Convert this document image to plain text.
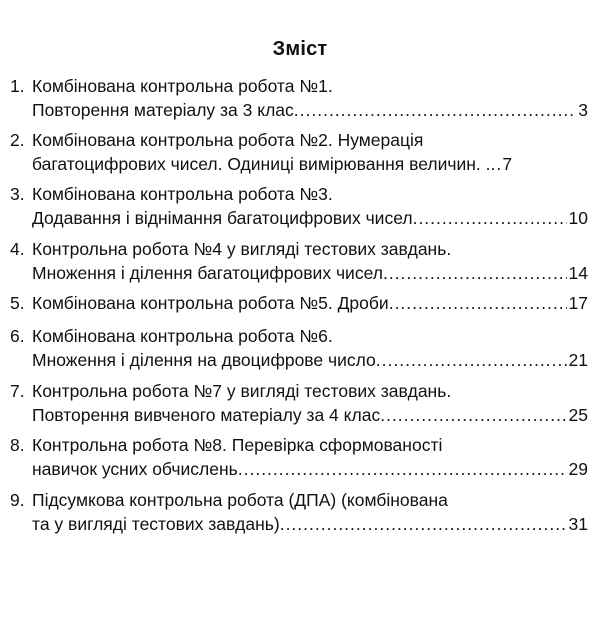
Зміст
1. Комбінована контрольна робота №1.
Повторення матеріалу за 3 клас. .....	3
2. Комбінована контрольна робота №2. Нумерація
багатоцифрових чисел. Одиниці вимірювання величин. .. ..... 7
3. Комбінована контрольна робота №3.
Додавання і віднімання багатоцифрових чисел. .....	10
4. Контрольна робота №4 у вигляді тестових завдань.
Множення і ділення багатоцифрових чисел. .....	14
5. Комбінована контрольна робота №5. Дроби. .....	17
6. Комбінована контрольна робота №6.
Множення і ділення на двоцифрове число. .....	21
7. Контрольна робота №7 у вигляді тестових завдань.
Повторення вивченого матеріалу за 4 клас. .....	25
8. Контрольна робота №8. Перевірка сформованості
навичок усних обчислень. .....	29
9. Підсумкова контрольна робота (ДПА) (комбінована
та у вигляді тестових завдань). .....	31
